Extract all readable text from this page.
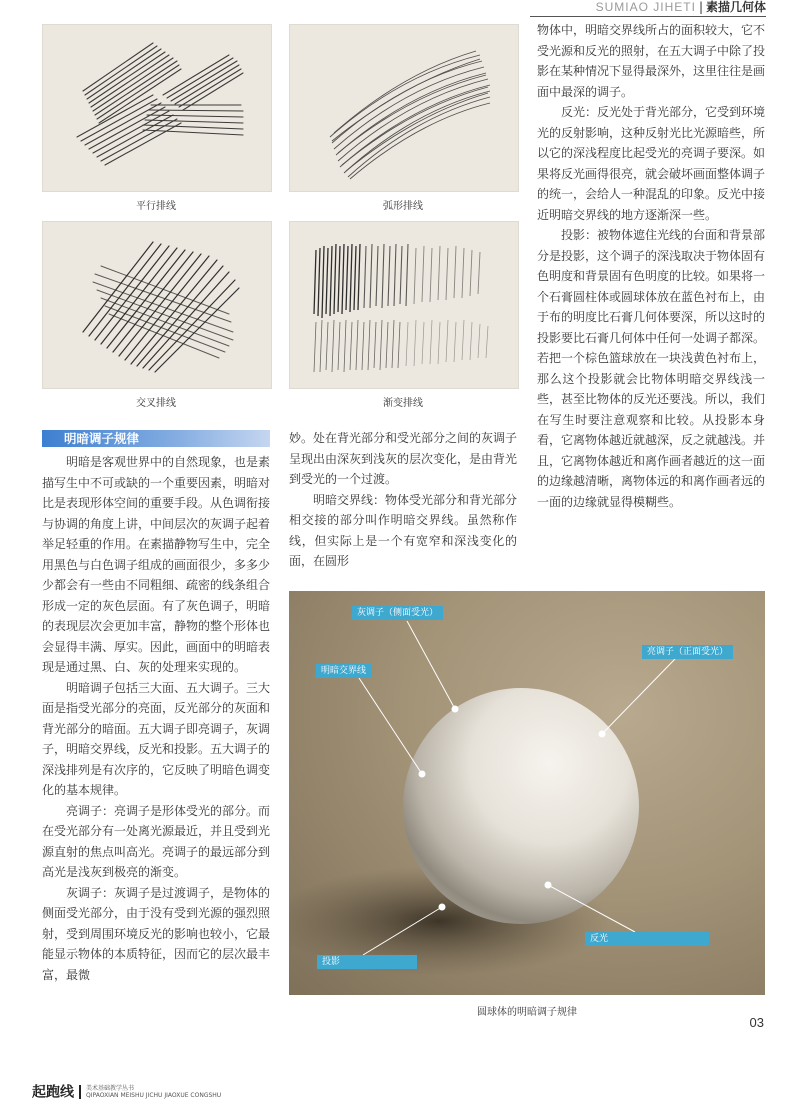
SUMIAO JIHETI | 素描几何体
平行排线	弧形排线
交叉排线	渐变排线
明暗调子规律

明暗是客观世界中的自然现象，也是素描写生中不可或缺的一个重要因素，明暗对比是表现形体空间的重要手段。从色调衔接与协调的角度上讲，中间层次的灰调子起着举足轻重的作用。在素描静物写生中，完全用黑色与白色调子组成的画面很少，多多少少都会有一些由不同粗细、疏密的线条组合形成一定的灰色层面。有了灰色调子，明暗的表现层次会更加丰富，静物的整个形体也会显得丰满、厚实。因此，画面中的明暗表现是通过黑、白、灰的处理来实现的。

明暗调子包括三大面、五大调子。三大面是指受光部分的亮面，反光部分的灰面和背光部分的暗面。五大调子即亮调子，灰调子，明暗交界线，反光和投影。五大调子的深浅排列是有次序的，它反映了明暗色调变化的基本规律。

亮调子：亮调子是形体受光的部分。而在受光部分有一处离光源最近，并且受到光源直射的焦点叫高光。亮调子的最远部分到高光是浅灰到极亮的渐变。

灰调子：灰调子是过渡调子，是物体的侧面受光部分，由于没有受到光源的强烈照射，受到周围环境反光的影响也较小，它最能显示物体的本质特征，因而它的层次最丰富，最微

妙。处在背光部分和受光部分之间的灰调子呈现出由深灰到浅灰的层次变化，是由背光到受光的一个过渡。

明暗交界线：物体受光部分和背光部分相交接的部分叫作明暗交界线。虽然称作线，但实际上是一个有宽窄和深浅变化的面，在圆形

物体中，明暗交界线所占的面积较大，它不受光源和反光的照射，在五大调子中除了投影在某种情况下显得最深外，这里往往是画面中最深的调子。

反光：反光处于背光部分，它受到环境光的反射影响，这种反射光比光源暗些，所以它的深浅程度比起受光的亮调子要深。如果将反光画得很亮，就会破坏画面整体调子的统一，会给人一种混乱的印象。反光中接近明暗交界线的地方逐渐深一些。

投影：被物体遮住光线的台面和背景部分是投影，这个调子的深浅取决于物体固有色明度和背景固有色明度的比较。如果将一个石膏圆柱体或圆球体放在蓝色衬布上，由于布的明度比石膏几何体要深，所以这时的投影要比石膏几何体中任何一处调子都深。若把一个棕色篮球放在一块浅黄色衬布上，那么这个投影就会比物体明暗交界线浅一些，甚至比物体的反光还要浅。所以，我们在写生时要注意观察和比较。从投影本身看，它离物体越近就越深，反之就越浅。并且，它离物体越近和离作画者越近的这一面的边缘越清晰，离物体远的和离作画者远的一面的边缘就显得模糊些。

灰调子（侧面受光）
明暗交界线
亮调子（正面受光）
反光
投影
圆球体的明暗调子规律
03
起跑线 美术基础教学丛书
QIPAOXIAN MEISHU JICHU JIAOXUE CONGSHU
